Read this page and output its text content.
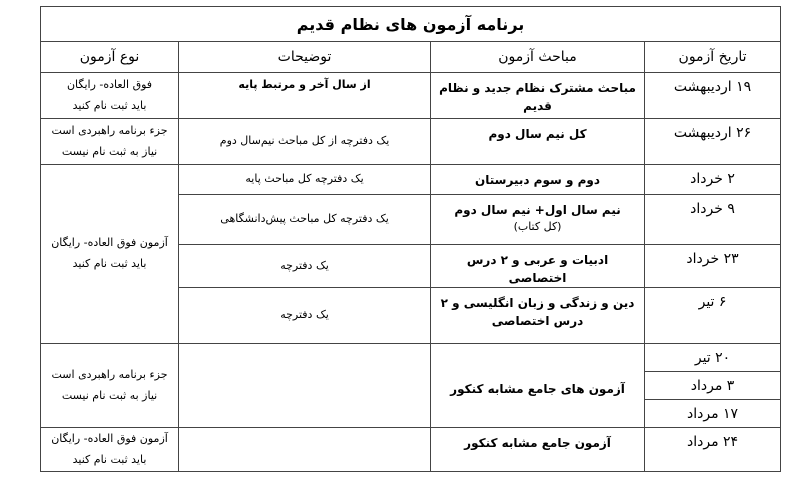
برنامه آزمون های نظام قدیم			
تاریخ آزمون	مباحث آزمون	توضیحات	نوع آزمون
۱۹ اردیبهشت	مباحث مشترک نظام جدید و نظام قدیم	از سال آخر و مرتبط پایه	فوق العاده- رایگان
باید ثبت نام کنید

۲۶ اردیبهشت	کل نیم سال دوم	یک دفترچه از کل مباحث نیم‌سال دوم	جزء برنامه راهبردی است
نیاز به ثبت نام نیست

۲ خرداد	دوم و سوم دبیرستان	یک دفترچه کل مباحث پایه	آزمون فوق العاده- رایگان
باید ثبت نام کنید

۹ خرداد	نیم سال اول+ نیم سال دوم
(کل کتاب)	یک دفترچه کل مباحث پیش‌دانشگاهی	
۲۳ خرداد	ادبیات و عربی و ۲ درس اختصاصی	یک دفترچه	
۶ تیر	دین و زندگی و زبان انگلیسی و ۲ درس اختصاصی	یک دفترچه	
۲۰ تیر	آزمون های جامع مشابه کنکور		جزء برنامه راهبردی است
نیاز به ثبت نام نیست

۳ مرداد			
۱۷ مرداد			
۲۴ مرداد	آزمون جامع مشابه کنکور		آزمون فوق العاده- رایگان
باید ثبت نام کنید
